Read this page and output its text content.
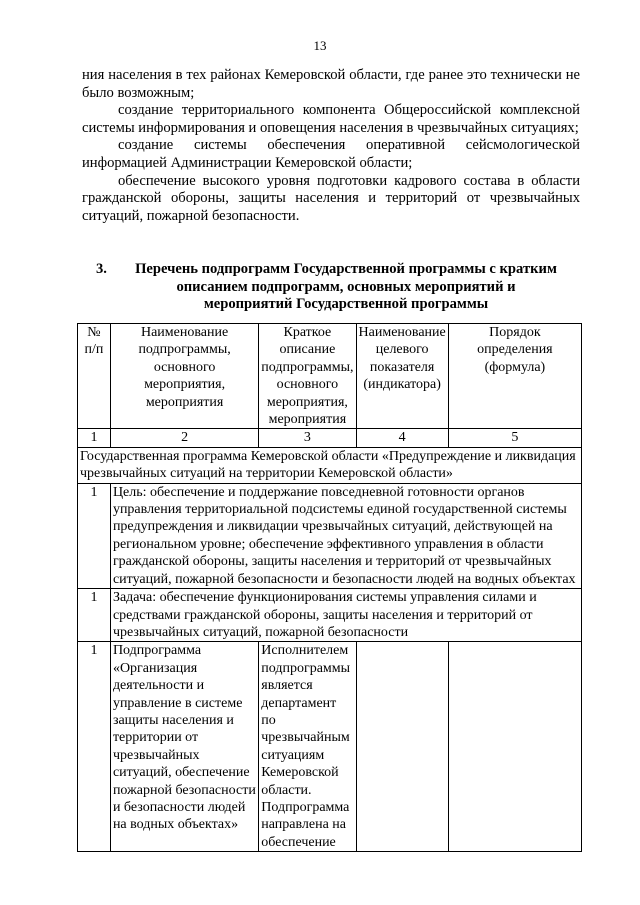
13

ния населения в тех районах Кемеровской области, где ранее это технически не было возможным;

создание территориального компонента Общероссийской комплексной системы информирования и оповещения населения в чрезвычайных ситуациях;

создание системы обеспечения оперативной сейсмологической информацией Администрации Кемеровской области;

обеспечение высокого уровня подготовки кадрового состава в области гражданской обороны, защиты населения и территорий от чрезвычайных ситуаций, пожарной безопасности.

3.	Перечень подпрограмм Государственной программы с кратким описанием подпрограмм, основных мероприятий и мероприятий Государственной программы
№ п/п	Наименование подпрограммы, основного мероприятия, мероприятия	Краткое описание подпрограммы, основного мероприятия, мероприятия	Наименование целевого показателя (индикатора)	Порядок определения (формула)
1	2	3	4	5
Государственная программа Кемеровской области «Предупреждение и ликвидация чрезвычайных ситуаций на территории Кемеровской области»				
1	Цель: обеспечение и поддержание повседневной готовности органов управления территориальной подсистемы единой государственной системы предупреждения и ликвидации чрезвычайных ситуаций, действующей на региональном уровне; обеспечение эффективного управления в области гражданской обороны, защиты населения и территорий от чрезвычайных ситуаций, пожарной безопасности и безопасности людей на водных объектах			
1	Задача: обеспечение функционирования системы управления силами и средствами гражданской обороны, защиты населения и территорий от чрезвычайных ситуаций, пожарной безопасности			
1	Подпрограмма «Организация деятельности и управление в системе защиты населения и территории от чрезвычайных ситуаций, обеспечение пожарной безопасности и безопасности людей на водных объектах»	Исполнителем подпрограммы является департамент по чрезвычайным ситуациям Кемеровской области. Подпрограмма направлена на обеспечение		
